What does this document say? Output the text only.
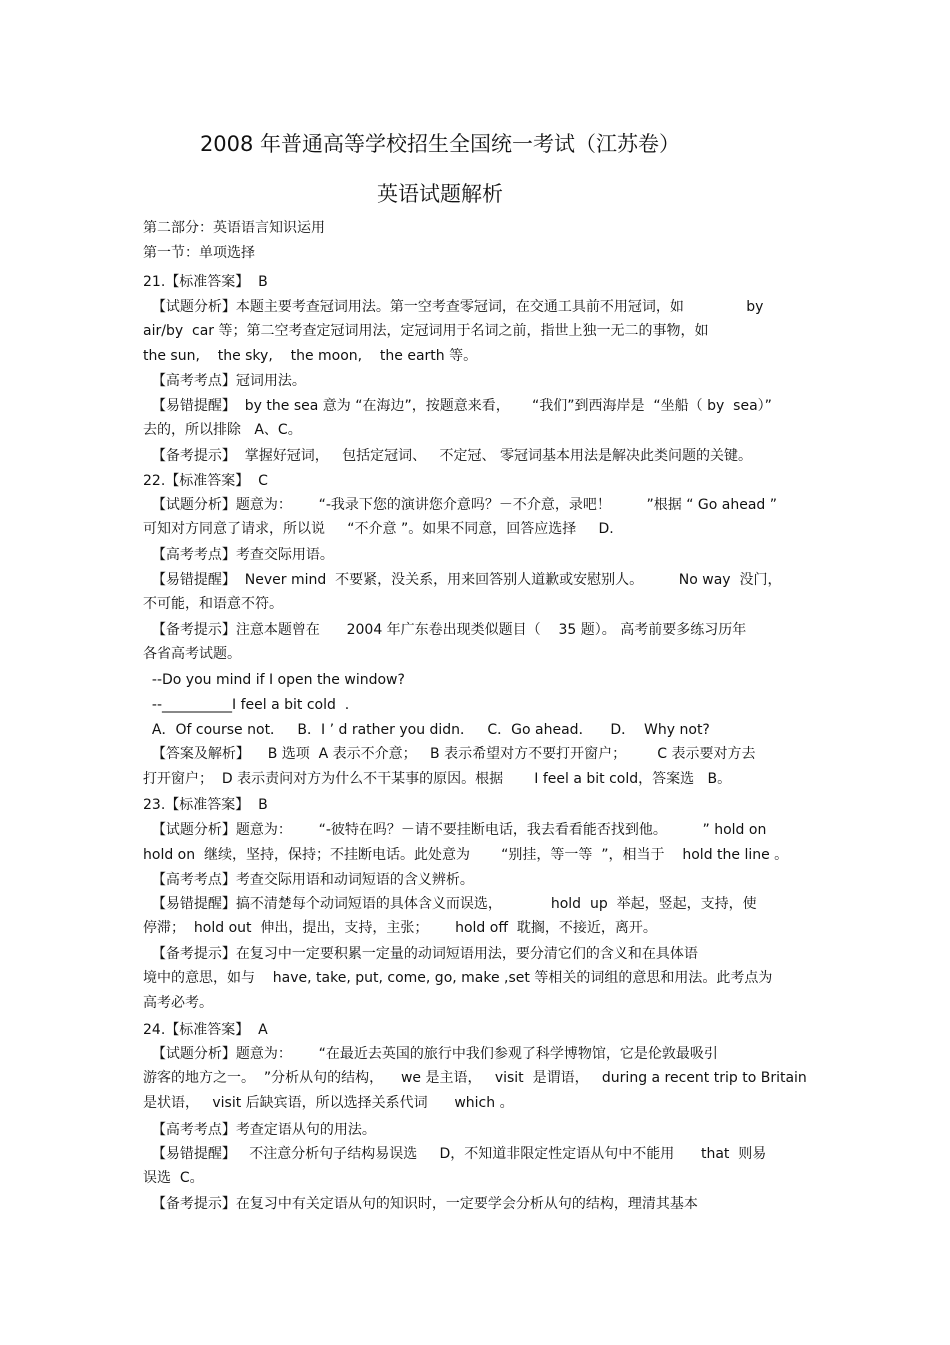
2008 年普通高等学校招生全国统一考试（江苏卷）
英语试题解析
第二部分：英语语言知识运用
第一节：单项选择
21.【标准答案】  B
【试题分析】本题主要考查冠词用法。第一空考查零冠词，在交通工具前不用冠词，如              by
air/by  car 等；第二空考查定冠词用法，定冠词用于名词之前，指世上独一无二的事物，如
the sun,    the sky,    the moon,    the earth 等。
【高考考点】冠词用法。
【易错提醒】  by the sea 意为 “在海边”，按题意来看，     “我们”到西海岸是  “坐船（ by  sea）”
去的，所以排除   A、C。
【备考提示】  掌握好冠词，   包括定冠词、   不定冠、 零冠词基本用法是解决此类问题的关键。
22.【标准答案】  C
【试题分析】题意为：      “-我录下您的演讲您介意吗？－不介意，录吧！        ”根据 “ Go ahead ”
可知对方同意了请求，所以说     “不介意 ”。如果不同意，回答应选择     D.
【高考考点】考查交际用语。
【易错提醒】  Never mind  不要紧，没关系，用来回答别人道歉或安慰别人。        No way  没门，
不可能，和语意不符。
【备考提示】注意本题曾在      2004 年广东卷出现类似题目（    35 题）。 高考前要多练习历年
各省高考试题。
--Do you mind if I open the window?
--__________I feel a bit cold  .
A．Of course not．   B．I ’ d rather you didn．   C．Go ahead．    D．  Why not?
【答案及解析】    B 选项  A 表示不介意；   B 表示希望对方不要打开窗户；       C 表示要对方去
打开窗户；  D 表示责问对方为什么不干某事的原因。根据       I feel a bit cold，答案选   B。
23.【标准答案】  B
【试题分析】题意为：      “-彼特在吗？－请不要挂断电话，我去看看能否找到他。        ” hold on
hold on  继续，坚持，保持；不挂断电话。此处意为       “别挂，等一等  ”，相当于    hold the line 。
【高考考点】考查交际用语和动词短语的含义辨析。
【易错提醒】搞不清楚每个动词短语的具体含义而误选，           hold  up  举起，竖起，支持，使
停滞；  hold out  伸出，提出，支持，主张；      hold off  耽搁，不接近，离开。
【备考提示】在复习中一定要积累一定量的动词短语用法，要分清它们的含义和在具体语
境中的意思，如与    have, take, put, come, go, make ,set 等相关的词组的意思和用法。此考点为
高考必考。
24.【标准答案】  A
【试题分析】题意为：      “在最近去英国的旅行中我们参观了科学博物馆，它是伦敦最吸引
游客的地方之一。  ”分析从句的结构，    we 是主语，   visit  是谓语，   during a recent trip to Britain
是状语，   visit 后缺宾语，所以选择关系代词      which 。
【高考考点】考查定语从句的用法。
【易错提醒】   不注意分析句子结构易误选     D，不知道非限定性定语从句中不能用      that  则易
误选  C。
【备考提示】在复习中有关定语从句的知识时，一定要学会分析从句的结构，理清其基本
